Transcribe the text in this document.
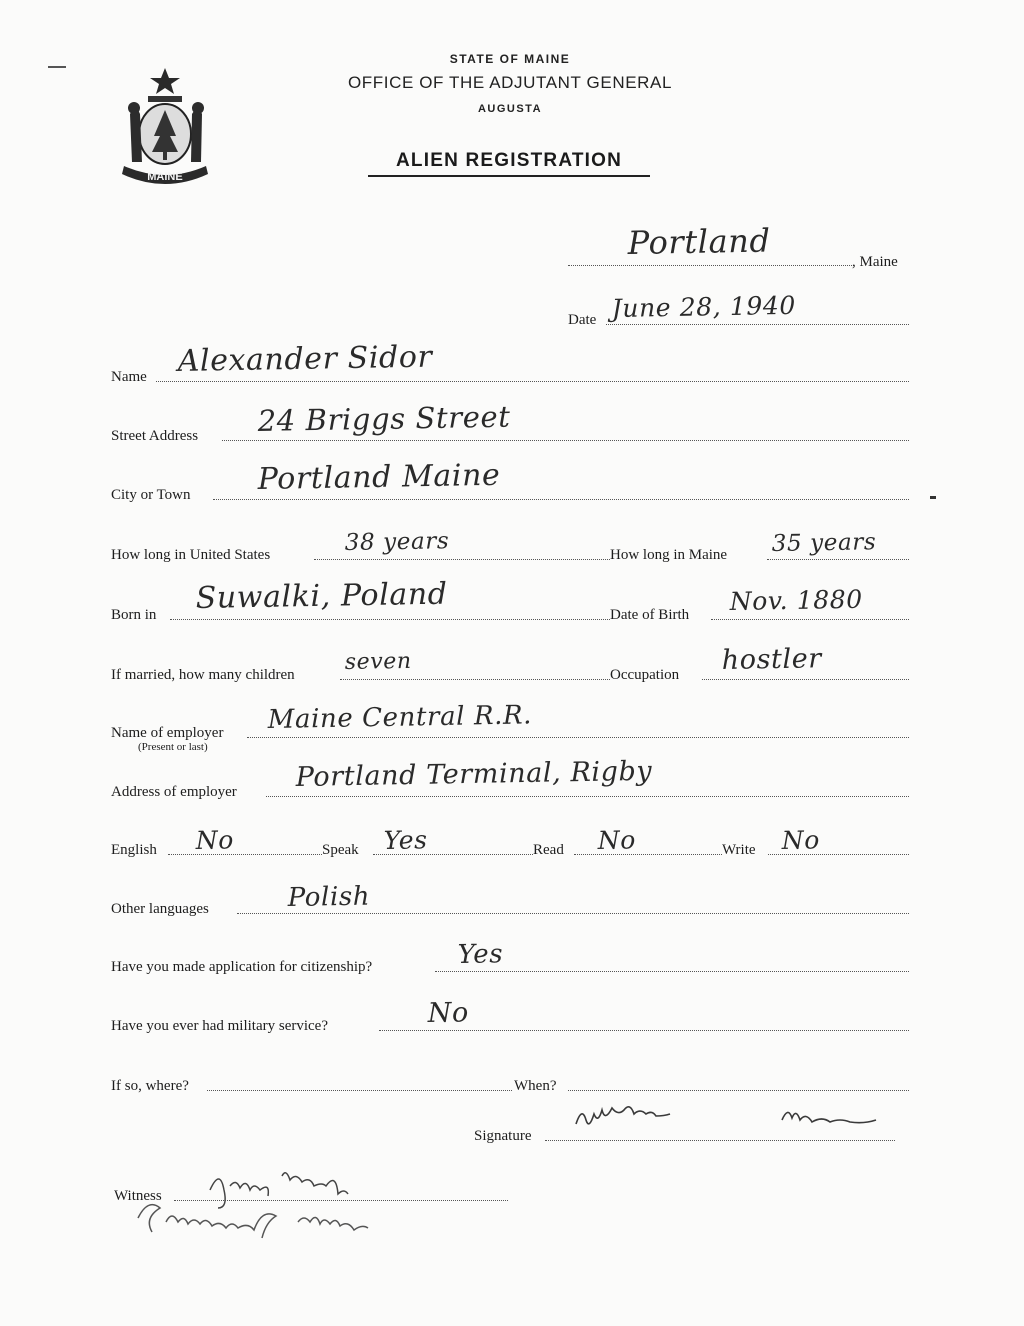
MAINE
STATE OF MAINE
OFFICE OF THE ADJUTANT GENERAL
AUGUSTA
ALIEN REGISTRATION
Portland	, Maine
Date June 28, 1940
Name Alexander Sidor
Street Address 24 Briggs Street
City or Town Portland Maine
How long in United States	38 years	How long in Maine 35 years
Born in Suwalki, Poland	Date of Birth Nov. 1880
If married, how many children seven	Occupation hostler
Name of employer
(Present or last)
Maine Central R.R.
Address of employer Portland Terminal, Rigby
English No	Speak Yes	Read No	Write No
Other languages	Polish
Have you made application for citizenship?	Yes
Have you ever had military service?	No
If so, where?	When?
Signature
Witness
